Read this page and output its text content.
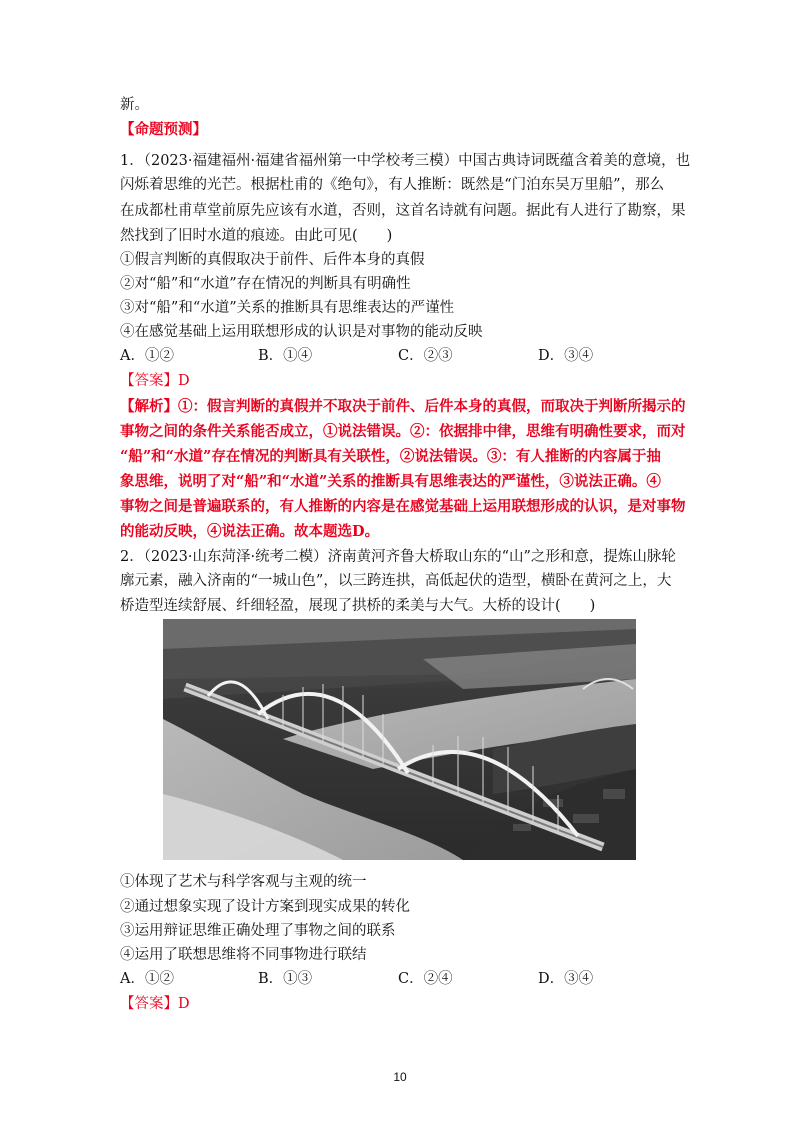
新。
【命题预测】
1．（2023·福建福州·福建省福州第一中学校考三模）中国古典诗词既蕴含着美的意境，也
闪烁着思维的光芒。根据杜甫的《绝句》，有人推断：既然是“门泊东吴万里船”，那么
在成都杜甫草堂前原先应该有水道，否则，这首名诗就有问题。据此有人进行了勘察，果
然找到了旧时水道的痕迹。由此可见(　　)
①假言判断的真假取决于前件、后件本身的真假
②对“船”和“水道”存在情况的判断具有明确性
③对“船”和“水道”关系的推断具有思维表达的严谨性
④在感觉基础上运用联想形成的认识是对事物的能动反映
A．①②	B．①④	C．②③	D．③④
【答案】D
【解析】①：假言判断的真假并不取决于前件、后件本身的真假，而取决于判断所揭示的
事物之间的条件关系能否成立，①说法错误。②：依据排中律，思维有明确性要求，而对
“船”和“水道”存在情况的判断具有关联性，②说法错误。③：有人推断的内容属于抽
象思维，说明了对“船”和“水道”关系的推断具有思维表达的严谨性，③说法正确。④
事物之间是普遍联系的，有人推断的内容是在感觉基础上运用联想形成的认识，是对事物
的能动反映，④说法正确。故本题选D。
2．（2023·山东菏泽·统考二模）济南黄河齐鲁大桥取山东的“山”之形和意，提炼山脉轮
廓元素，融入济南的“一城山色”，以三跨连拱，高低起伏的造型，横卧在黄河之上，大
桥造型连续舒展、纤细轻盈，展现了拱桥的柔美与大气。大桥的设计(　　)
①体现了艺术与科学客观与主观的统一
②通过想象实现了设计方案到现实成果的转化
③运用辩证思维正确处理了事物之间的联系
④运用了联想思维将不同事物进行联结
A．①②	B．①③	C．②④	D．③④
【答案】D
10
